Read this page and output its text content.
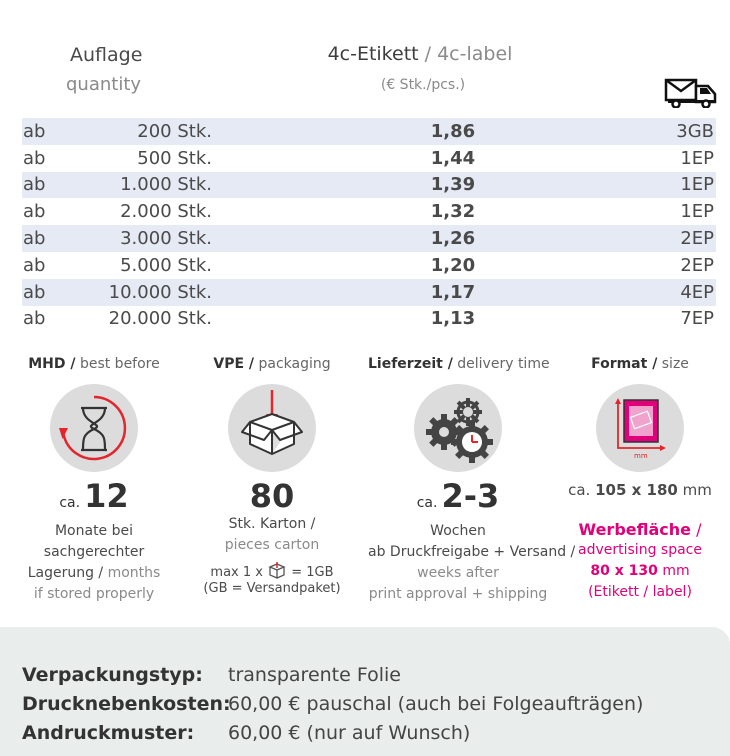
Auflage
quantity
4c-Etikett / 4c-label
(€ Stk./pcs.)
ab	200 Stk.	1,86	3GB
ab	500 Stk.	1,44	1EP
ab	1.000 Stk.	1,39	1EP
ab	2.000 Stk.	1,32	1EP
ab	3.000 Stk.	1,26	2EP
ab	5.000 Stk.	1,20	2EP
ab	10.000 Stk.	1,17	4EP
ab	20.000 Stk.	1,13	7EP
MHD / best before
ca. 12
Monate bei
sachgerechter
Lagerung / months
if stored properly
VPE / packaging
80
Stk. Karton /
pieces carton
max 1 x = 1GB
(GB = Versandpaket)
Lieferzeit / delivery time
ca. 2-3
Wochen
ab Druckfreigabe + Versand /
weeks after
print approval + shipping
Format / size
mm
ca. 105 x 180 mm
Werbefläche /
advertising space
80 x 130 mm
(Etikett / label)
Verpackungstyp: transparente Folie
Drucknebenkosten:60,00 € pauschal (auch bei Folgeaufträgen)
Andruckmuster: 60,00 € (nur auf Wunsch)
